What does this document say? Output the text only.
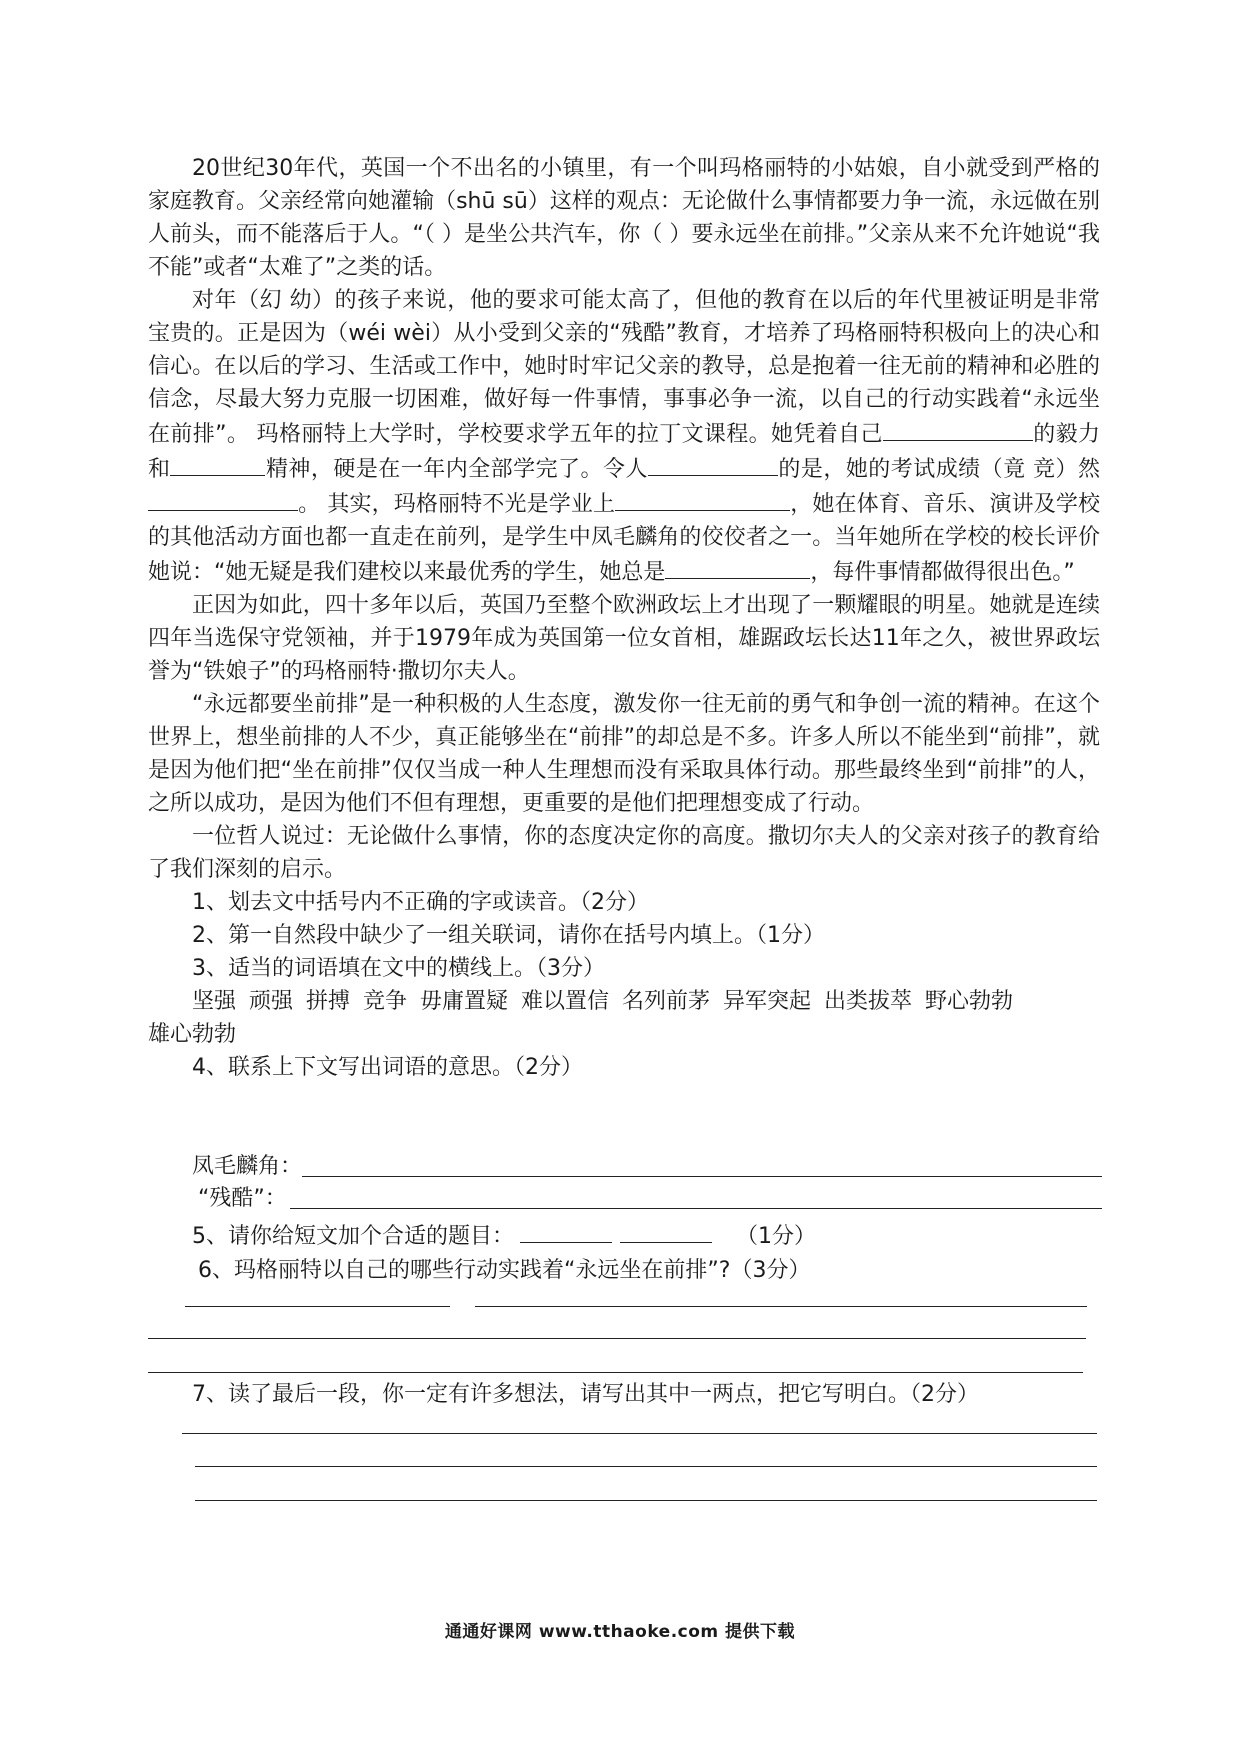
20世纪30年代，英国一个不出名的小镇里，有一个叫玛格丽特的小姑娘，自小就受到严格的家庭教育。父亲经常向她灌输（shū sū）这样的观点：无论做什么事情都要力争一流，永远做在别人前头，而不能落后于人。“（ ）是坐公共汽车，你（ ）要永远坐在前排。”父亲从来不允许她说“我不能”或者“太难了”之类的话。

对年（幻 幼）的孩子来说，他的要求可能太高了，但他的教育在以后的年代里被证明是非常宝贵的。正是因为（wéi wèi）从小受到父亲的“残酷”教育，才培养了玛格丽特积极向上的决心和信心。在以后的学习、生活或工作中，她时时牢记父亲的教导，总是抱着一往无前的精神和必胜的信念，尽最大努力克服一切困难，做好每一件事情，事事必争一流，以自己的行动实践着“永远坐在前排”。 玛格丽特上大学时，学校要求学五年的拉丁文课程。她凭着自己	的毅力和	精神，硬是在一年内全部学完了。令人	的是，她的考试成绩（竟 竞）然。 其实，玛格丽特不光是学业上	，她在体育、音乐、演讲及学校的其他活动方面也都一直走在前列，是学生中凤毛麟角的佼佼者之一。当年她所在学校的校长评价她说：“她无疑是我们建校以来最优秀的学生，她总是	，每件事情都做得很出色。”

正因为如此，四十多年以后，英国乃至整个欧洲政坛上才出现了一颗耀眼的明星。她就是连续四年当选保守党领袖，并于1979年成为英国第一位女首相，雄踞政坛长达11年之久，被世界政坛誉为“铁娘子”的玛格丽特·撒切尔夫人。

“永远都要坐前排”是一种积极的人生态度，激发你一往无前的勇气和争创一流的精神。在这个世界上，想坐前排的人不少，真正能够坐在“前排”的却总是不多。许多人所以不能坐到“前排”，就是因为他们把“坐在前排”仅仅当成一种人生理想而没有采取具体行动。那些最终坐到“前排”的人，之所以成功，是因为他们不但有理想，更重要的是他们把理想变成了行动。

一位哲人说过：无论做什么事情，你的态度决定你的高度。撒切尔夫人的父亲对孩子的教育给了我们深刻的启示。

1、划去文中括号内不正确的字或读音。（2分）

2、第一自然段中缺少了一组关联词，请你在括号内填上。（1分）

3、适当的词语填在文中的横线上。（3分）

坚强 顽强 拼搏 竞争 毋庸置疑 难以置信 名列前茅 异军突起 出类拔萃 野心勃勃

雄心勃勃

4、联系上下文写出词语的意思。（2分）

凤毛麟角：
“残酷”：
5、请你给短文加个合适的题目：	（1分）
6、玛格丽特以自己的哪些行动实践着“永远坐在前排”?（3分）
7、读了最后一段，你一定有许多想法，请写出其中一两点，把它写明白。（2分）
通通好课网 www.tthaoke.com 提供下载
